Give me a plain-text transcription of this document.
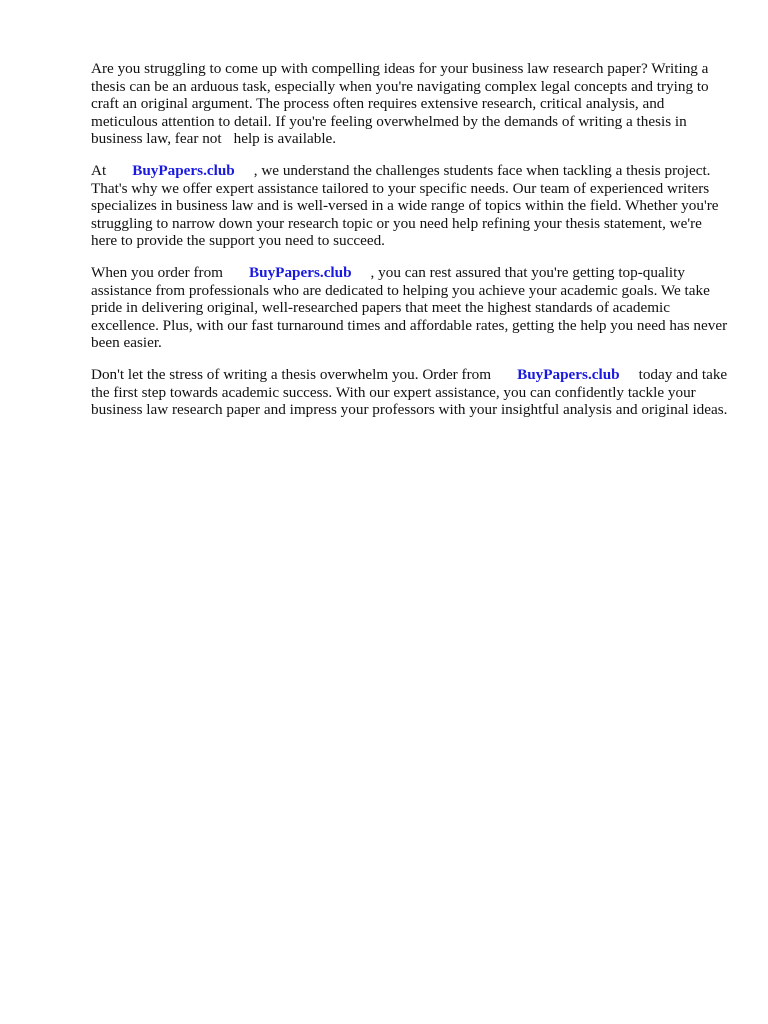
Are you struggling to come up with compelling ideas for your business law research paper? Writing a thesis can be an arduous task, especially when you're navigating complex legal concepts and trying to craft an original argument. The process often requires extensive research, critical analysis, and meticulous attention to detail. If you're feeling overwhelmed by the demands of writing a thesis in business law, fear not help is available.

At BuyPapers.club , we understand the challenges students face when tackling a thesis project. That's why we offer expert assistance tailored to your specific needs. Our team of experienced writers specializes in business law and is well-versed in a wide range of topics within the field. Whether you're struggling to narrow down your research topic or you need help refining your thesis statement, we're here to provide the support you need to succeed.

When you order from BuyPapers.club , you can rest assured that you're getting top-quality assistance from professionals who are dedicated to helping you achieve your academic goals. We take pride in delivering original, well-researched papers that meet the highest standards of academic excellence. Plus, with our fast turnaround times and affordable rates, getting the help you need has never been easier.

Don't let the stress of writing a thesis overwhelm you. Order from BuyPapers.club today and take the first step towards academic success. With our expert assistance, you can confidently tackle your business law research paper and impress your professors with your insightful analysis and original ideas.
